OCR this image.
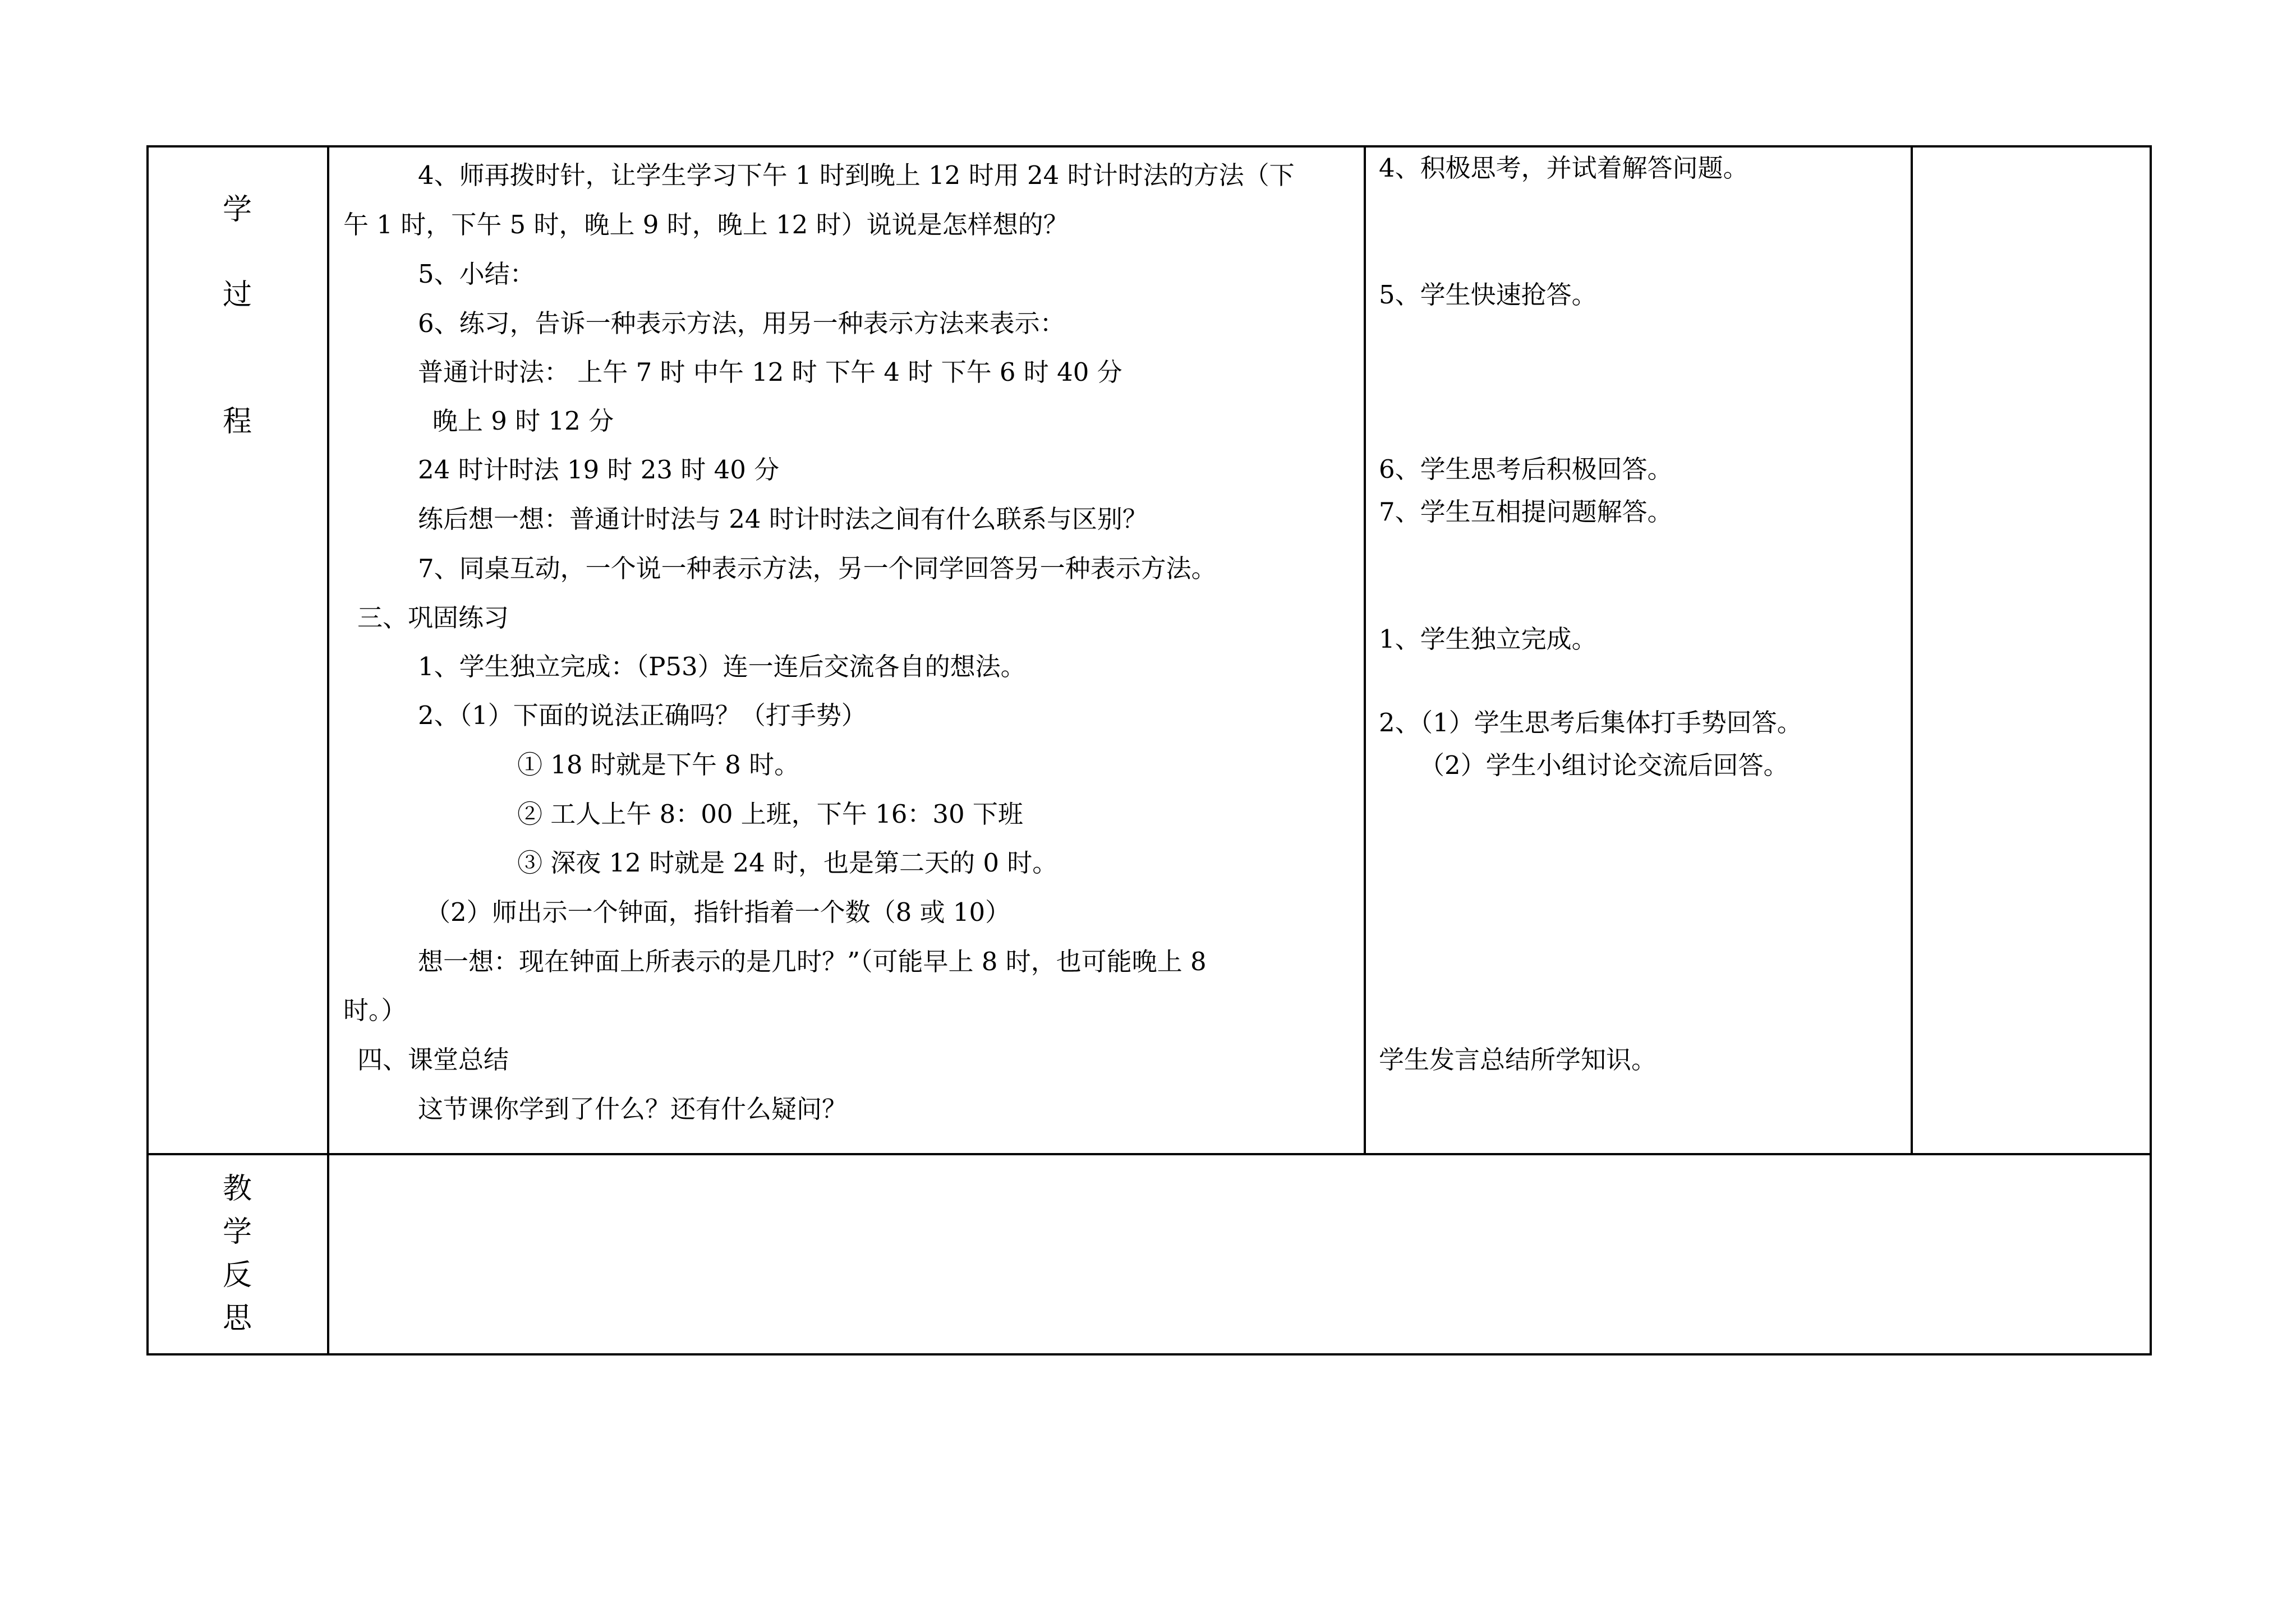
学
过
程
教
学
反
思
4、师再拨时针，让学生学习下午 1 时到晚上 12 时用 24 时计时法的方法（下
午 1 时，下午 5 时，晚上 9 时，晚上 12 时）说说是怎样想的？
5、小结：
6、练习，告诉一种表示方法，用另一种表示方法来表示：
普通计时法： 上午 7 时 中午 12 时 下午 4 时 下午 6 时 40 分
晚上 9 时 12 分
24 时计时法 19 时 23 时 40 分
练后想一想：普通计时法与 24 时计时法之间有什么联系与区别？
7、同桌互动，一个说一种表示方法，另一个同学回答另一种表示方法。
三、巩固练习
1、学生独立完成：（P53）连一连后交流各自的想法。
2、（1）下面的说法正确吗？（打手势）
① 18 时就是下午 8 时。
② 工人上午 8：00 上班，下午 16：30 下班
③ 深夜 12 时就是 24 时，也是第二天的 0 时。
（2）师出示一个钟面，指针指着一个数（8 或 10）
想一想：现在钟面上所表示的是几时？”（可能早上 8 时，也可能晚上 8
时。）
四、课堂总结
这节课你学到了什么？还有什么疑问？
4、积极思考，并试着解答问题。
5、学生快速抢答。
6、学生思考后积极回答。
7、学生互相提问题解答。
1、学生独立完成。
2、（1）学生思考后集体打手势回答。
（2）学生小组讨论交流后回答。
学生发言总结所学知识。
